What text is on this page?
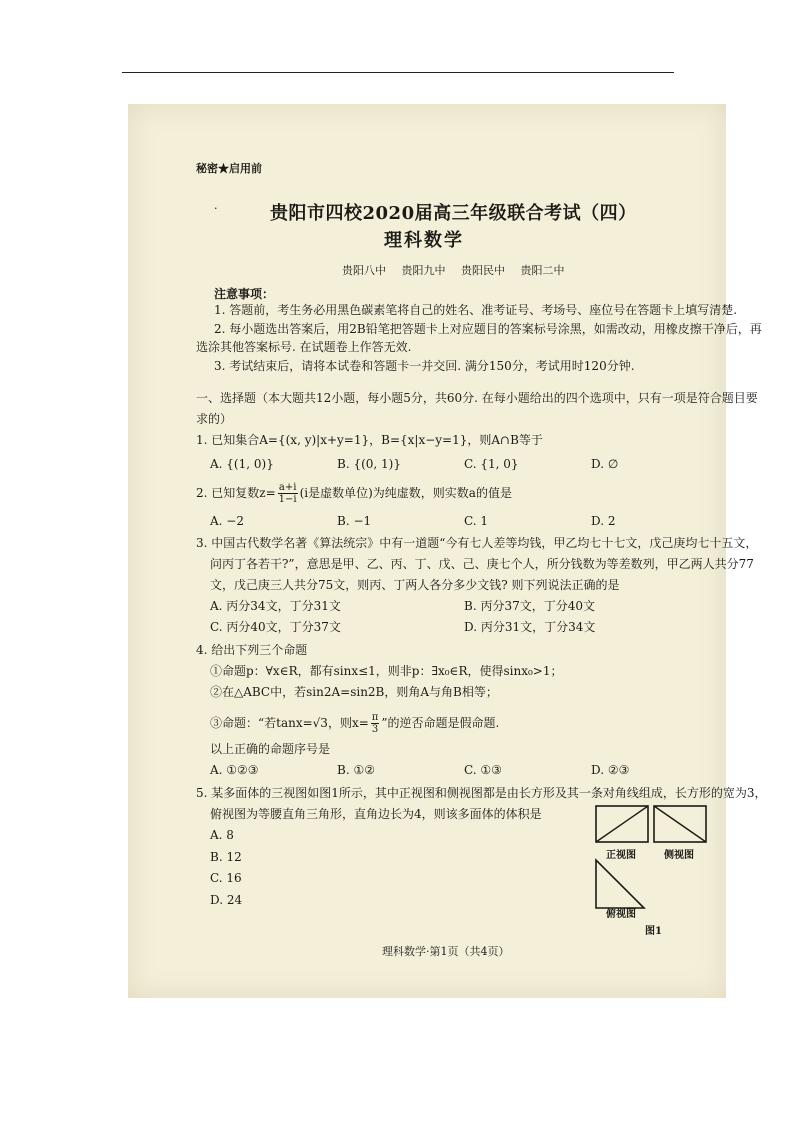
秘密★启用前
·	贵阳市四校2020届高三年级联合考试（四）
理科数学
贵阳八中 贵阳九中 贵阳民中 贵阳二中
注意事项：
1. 答题前，考生务必用黑色碳素笔将自己的姓名、准考证号、考场号、座位号在答题卡上填写清楚.
2. 每小题选出答案后，用2B铅笔把答题卡上对应题目的答案标号涂黑，如需改动，用橡皮擦干净后，再
选涂其他答案标号. 在试题卷上作答无效.
3. 考试结束后，请将本试卷和答题卡一并交回. 满分150分，考试用时120分钟.
一、选择题（本大题共12小题，每小题5分，共60分. 在每小题给出的四个选项中，只有一项是符合题目要
求的）
1. 已知集合A={(x, y)|x+y=1}，B={x|x−y=1}，则A∩B等于
A. {(1, 0)}	B. {(0, 1)}	C. {1, 0}	D. ∅
2. 已知复数$z= \frac{a+i}{1-i} (i$是虚数单位)为纯虚数，则实数a的值是
A. −2	B. −1	C. 1	D. 2
3. 中国古代数学名著《算法统宗》中有一道题“今有七人差等均钱，甲乙均七十七文，戊己庚均七十五文，
问丙丁各若干?”，意思是甲、乙、丙、丁、戊、己、庚七个人，所分钱数为等差数列，甲乙两人共分77
文，戊己庚三人共分75文，则丙、丁两人各分多少文钱? 则下列说法正确的是
A. 丙分34文，丁分31文	B. 丙分37文，丁分40文
C. 丙分40文，丁分37文	D. 丙分31文，丁分34文
4. 给出下列三个命题
①命题p：∀x∈R，都有sinx≤1，则非p：∃x₀∈R，使得sinx₀>1；
②在△ABC中，若sin2A=sin2B，则角A与角B相等；
③命题：“若tanx=√3，则$x= \frac{\pi}{3}$ ”的逆否命题是假命题.
以上正确的命题序号是
A. ①②③	B. ①②	C. ①③	D. ②③
5. 某多面体的三视图如图1所示，其中正视图和侧视图都是由长方形及其一条对角线组成，长方形的宽为3，
俯视图为等腰直角三角形，直角边长为4，则该多面体的体积是
A. 8
B. 12
C. 16
D. 24
正视图	侧视图
俯视图
图1
理科数学·第1页（共4页）
